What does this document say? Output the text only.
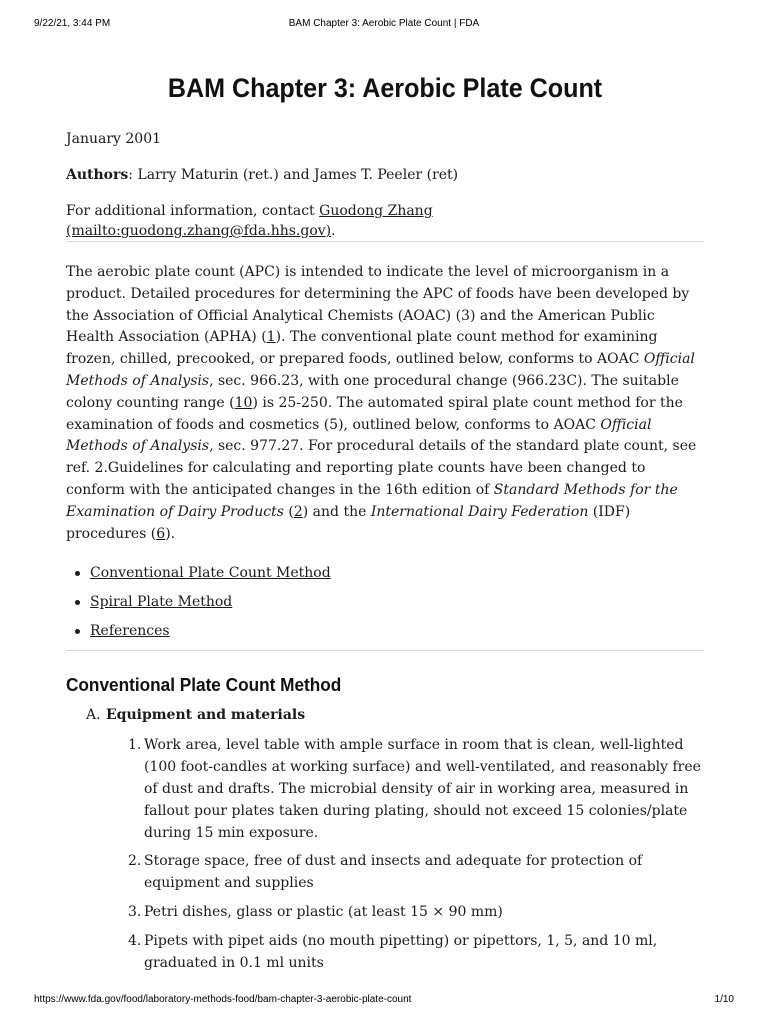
9/22/21, 3:44 PM	BAM Chapter 3: Aerobic Plate Count | FDA
BAM Chapter 3: Aerobic Plate Count

January 2001

Authors: Larry Maturin (ret.) and James T. Peeler (ret)

For additional information, contact Guodong Zhang (mailto:guodong.zhang@fda.hhs.gov).

The aerobic plate count (APC) is intended to indicate the level of microorganism in a product. Detailed procedures for determining the APC of foods have been developed by the Association of Official Analytical Chemists (AOAC) (3) and the American Public Health Association (APHA) (1). The conventional plate count method for examining frozen, chilled, precooked, or prepared foods, outlined below, conforms to AOAC Official Methods of Analysis, sec. 966.23, with one procedural change (966.23C). The suitable colony counting range (10) is 25-250. The automated spiral plate count method for the examination of foods and cosmetics (5), outlined below, conforms to AOAC Official Methods of Analysis, sec. 977.27. For procedural details of the standard plate count, see ref. 2.Guidelines for calculating and reporting plate counts have been changed to conform with the anticipated changes in the 16th edition of Standard Methods for the Examination of Dairy Products (2) and the International Dairy Federation (IDF) procedures (6).

Conventional Plate Count Method
Spiral Plate Method
References
Conventional Plate Count Method
A. Equipment and materials
1. Work area, level table with ample surface in room that is clean, well-lighted (100 foot-candles at working surface) and well-ventilated, and reasonably free of dust and drafts. The microbial density of air in working area, measured in fallout pour plates taken during plating, should not exceed 15 colonies/plate during 15 min exposure.
2. Storage space, free of dust and insects and adequate for protection of equipment and supplies
3. Petri dishes, glass or plastic (at least 15 × 90 mm)
4. Pipets with pipet aids (no mouth pipetting) or pipettors, 1, 5, and 10 ml, graduated in 0.1 ml units
https://www.fda.gov/food/laboratory-methods-food/bam-chapter-3-aerobic-plate-count	1/10
